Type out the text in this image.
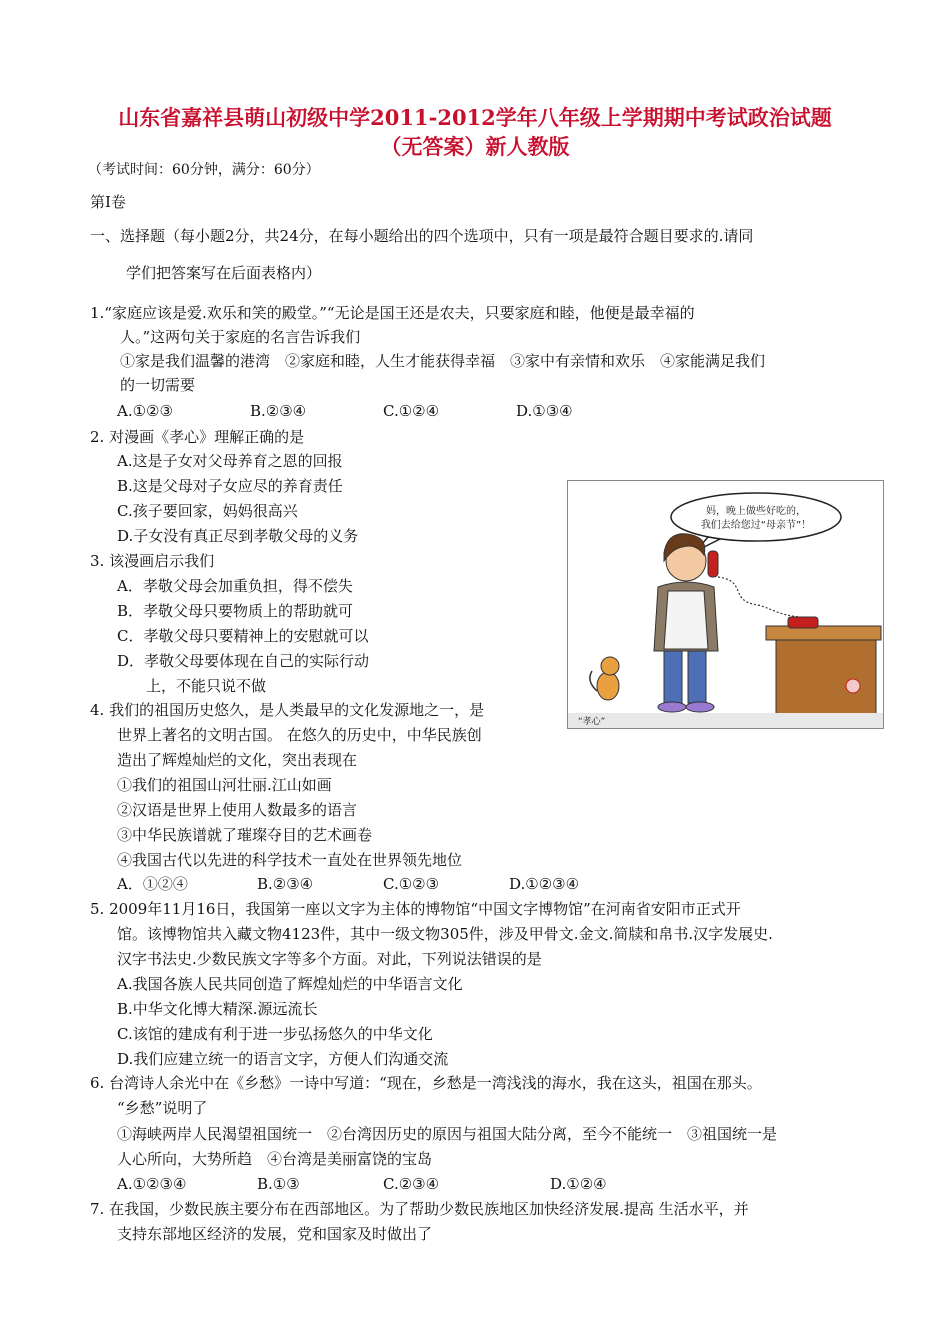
山东省嘉祥县萌山初级中学2011-2012学年八年级上学期期中考试政治试题
（无答案）新人教版
（考试时间：60分钟，满分：60分）
第Ⅰ卷
一、选择题（每小题2分，共24分，在每小题给出的四个选项中，只有一项是最符合题目要求的.请同
学们把答案写在后面表格内）
1.“家庭应该是爱.欢乐和笑的殿堂。”“无论是国王还是农夫，只要家庭和睦，他便是最幸福的
人。”这两句关于家庭的名言告诉我们
①家是我们温馨的港湾　②家庭和睦，人生才能获得幸福　③家中有亲情和欢乐　④家能满足我们
的一切需要
A.①②③	B.②③④	C.①②④	D.①③④
2. 对漫画《孝心》理解正确的是
A.这是子女对父母养育之恩的回报
B.这是父母对子女应尽的养育责任
C.孩子要回家，妈妈很高兴
D.子女没有真正尽到孝敬父母的义务
3. 该漫画启示我们
A．孝敬父母会加重负担，得不偿失
B．孝敬父母只要物质上的帮助就可
C．孝敬父母只要精神上的安慰就可以
D．孝敬父母要体现在自己的实际行动
上，不能只说不做
妈，晚上做些好吃的，
我们去给您过“母亲节”！
“孝心”
4. 我们的祖国历史悠久，是人类最早的文化发源地之一，是
世界上著名的文明古国。 在悠久的历史中，中华民族创
造出了辉煌灿烂的文化，突出表现在
①我们的祖国山河壮丽.江山如画
②汉语是世界上使用人数最多的语言
③中华民族谱就了璀璨夺目的艺术画卷
④我国古代以先进的科学技术一直处在世界领先地位
A．①②④	B.②③④	C.①②③	D.①②③④
5. 2009年11月16日，我国第一座以文字为主体的博物馆“中国文字博物馆”在河南省安阳市正式开
馆。该博物馆共入藏文物4123件，其中一级文物305件，涉及甲骨文.金文.简牍和帛书.汉字发展史.
汉字书法史.少数民族文字等多个方面。对此，下列说法错误的是
A.我国各族人民共同创造了辉煌灿烂的中华语言文化
B.中华文化博大精深.源远流长
C.该馆的建成有利于进一步弘扬悠久的中华文化
D.我们应建立统一的语言文字，方便人们沟通交流
6. 台湾诗人余光中在《乡愁》一诗中写道：“现在，乡愁是一湾浅浅的海水，我在这头，祖国在那头。
“乡愁”说明了
①海峡两岸人民渴望祖国统一　②台湾因历史的原因与祖国大陆分离，至今不能统一　③祖国统一是
人心所向，大势所趋　④台湾是美丽富饶的宝岛
A.①②③④	B.①③	C.②③④	D.①②④
7. 在我国，少数民族主要分布在西部地区。为了帮助少数民族地区加快经济发展.提高 生活水平，并
支持东部地区经济的发展，党和国家及时做出了
